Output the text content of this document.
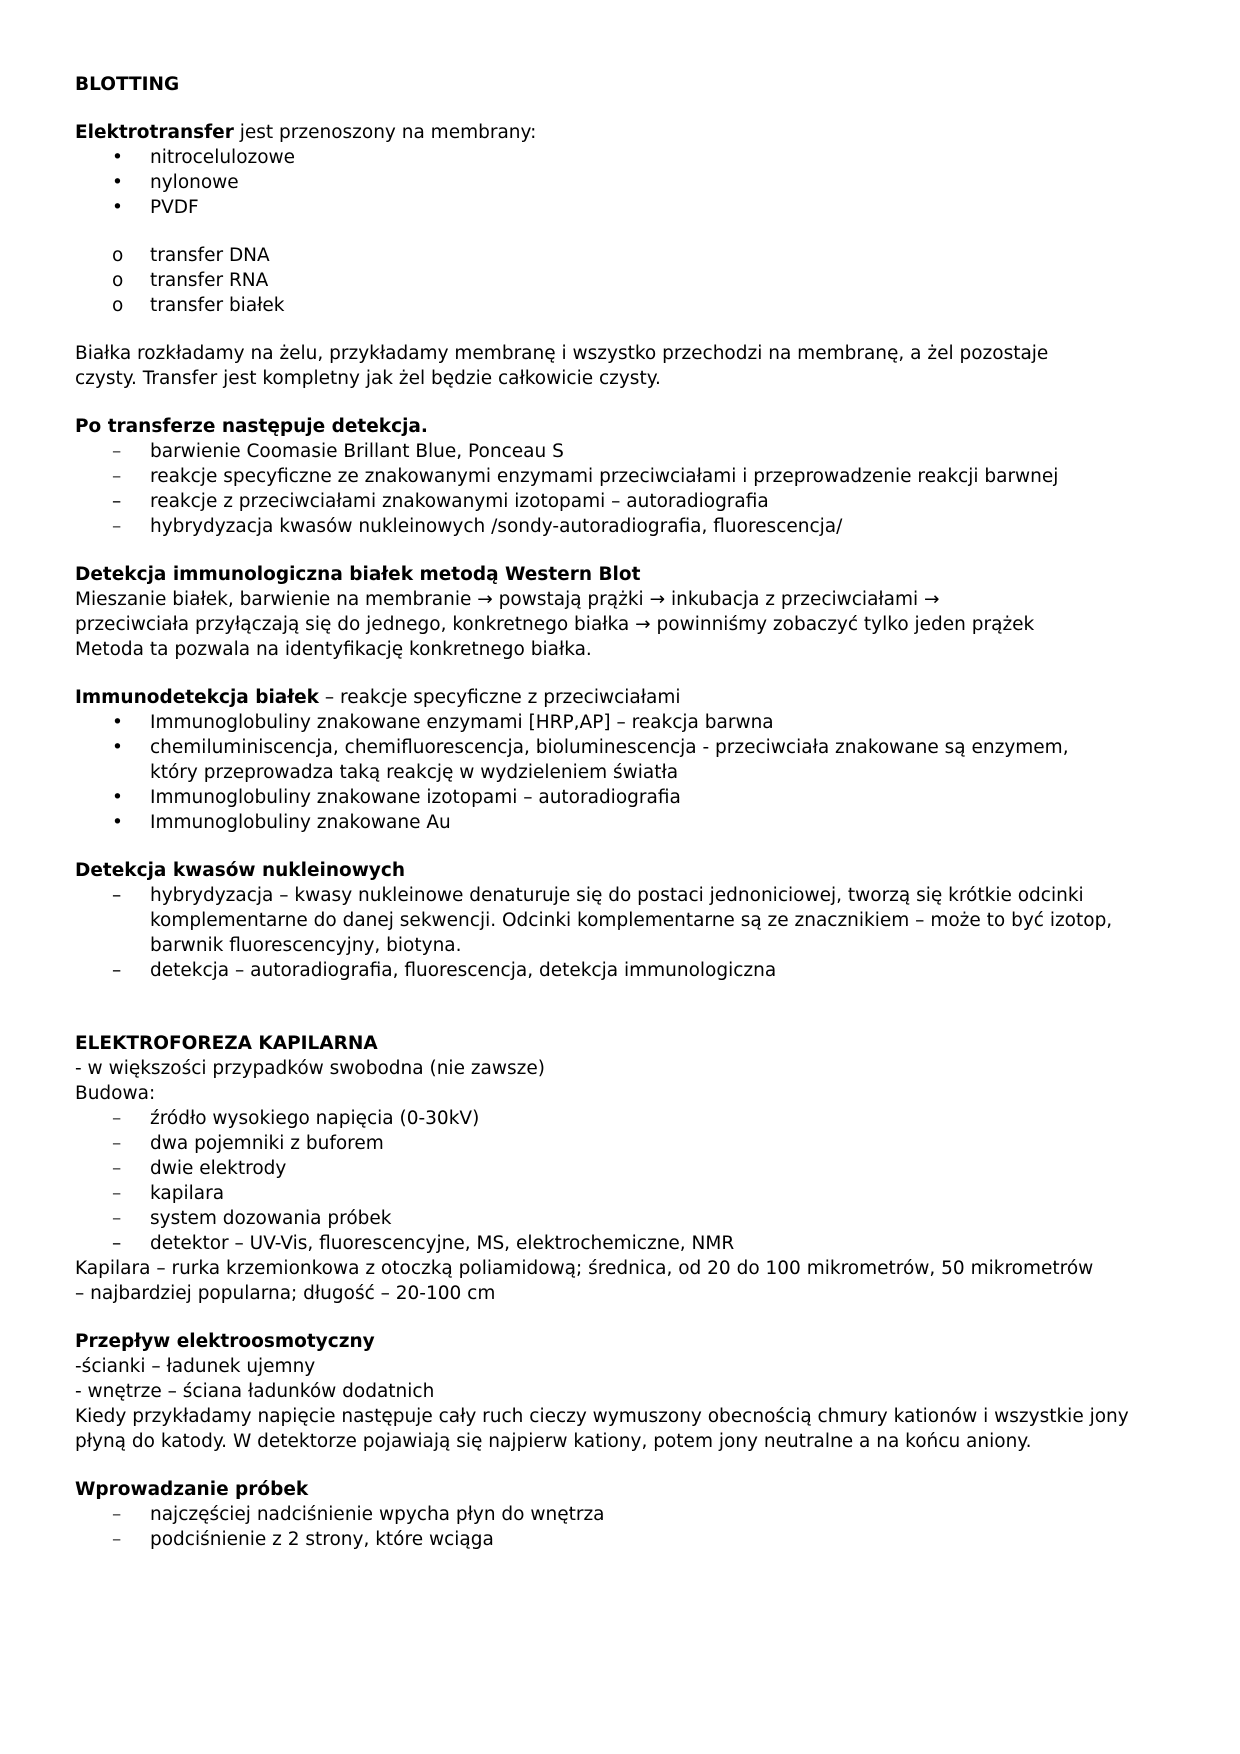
BLOTTING
Elektrotransfer jest przenoszony na membrany:
•	nitrocelulozowe
•	nylonowe
•	PVDF
o	transfer DNA
o	transfer RNA
o	transfer białek
Białka rozkładamy na żelu, przykładamy membranę i wszystko przechodzi na membranę, a żel pozostaje czysty. Transfer jest kompletny jak żel będzie całkowicie czysty.
Po transferze następuje detekcja.
–	barwienie Coomasie Brillant Blue, Ponceau S
–	reakcje specyficzne ze znakowanymi enzymami przeciwciałami i przeprowadzenie reakcji barwnej
–	reakcje z przeciwciałami znakowanymi izotopami – autoradiografia
–	hybrydyzacja kwasów nukleinowych /sondy-autoradiografia, fluorescencja/
Detekcja immunologiczna białek metodą Western Blot
Mieszanie białek, barwienie na membranie → powstają prążki → inkubacja z przeciwciałami →
przeciwciała przyłączają się do jednego, konkretnego białka → powinniśmy zobaczyć tylko jeden prążek
Metoda ta pozwala na identyfikację konkretnego białka.
Immunodetekcja białek – reakcje specyficzne z przeciwciałami
•	Immunoglobuliny znakowane enzymami [HRP,AP] – reakcja barwna
•	chemiluminiscencja, chemifluorescencja, bioluminescencja - przeciwciała znakowane są enzymem, który przeprowadza taką reakcję w wydzieleniem światła
•	Immunoglobuliny znakowane izotopami – autoradiografia
•	Immunoglobuliny znakowane Au
Detekcja kwasów nukleinowych
–	hybrydyzacja – kwasy nukleinowe denaturuje się do postaci jednoniciowej, tworzą się krótkie odcinki komplementarne do danej sekwencji. Odcinki komplementarne są ze znacznikiem – może to być izotop, barwnik fluorescencyjny, biotyna.
–	detekcja – autoradiografia, fluorescencja, detekcja immunologiczna
ELEKTROFOREZA KAPILARNA
- w większości przypadków swobodna (nie zawsze)
Budowa:
–	źródło wysokiego napięcia (0-30kV)
–	dwa pojemniki z buforem
–	dwie elektrody
–	kapilara
–	system dozowania próbek
–	detektor – UV-Vis, fluorescencyjne, MS, elektrochemiczne, NMR
Kapilara – rurka krzemionkowa z otoczką poliamidową; średnica, od 20 do 100 mikrometrów, 50 mikrometrów – najbardziej popularna; długość – 20-100 cm
Przepływ elektroosmotyczny
-ścianki – ładunek ujemny
- wnętrze – ściana ładunków dodatnich
Kiedy przykładamy napięcie następuje cały ruch cieczy wymuszony obecnością chmury kationów i wszystkie jony płyną do katody. W detektorze pojawiają się najpierw kationy, potem jony neutralne a na końcu aniony.
Wprowadzanie próbek
–	najczęściej nadciśnienie wpycha płyn do wnętrza
–	podciśnienie z 2 strony, które wciąga
